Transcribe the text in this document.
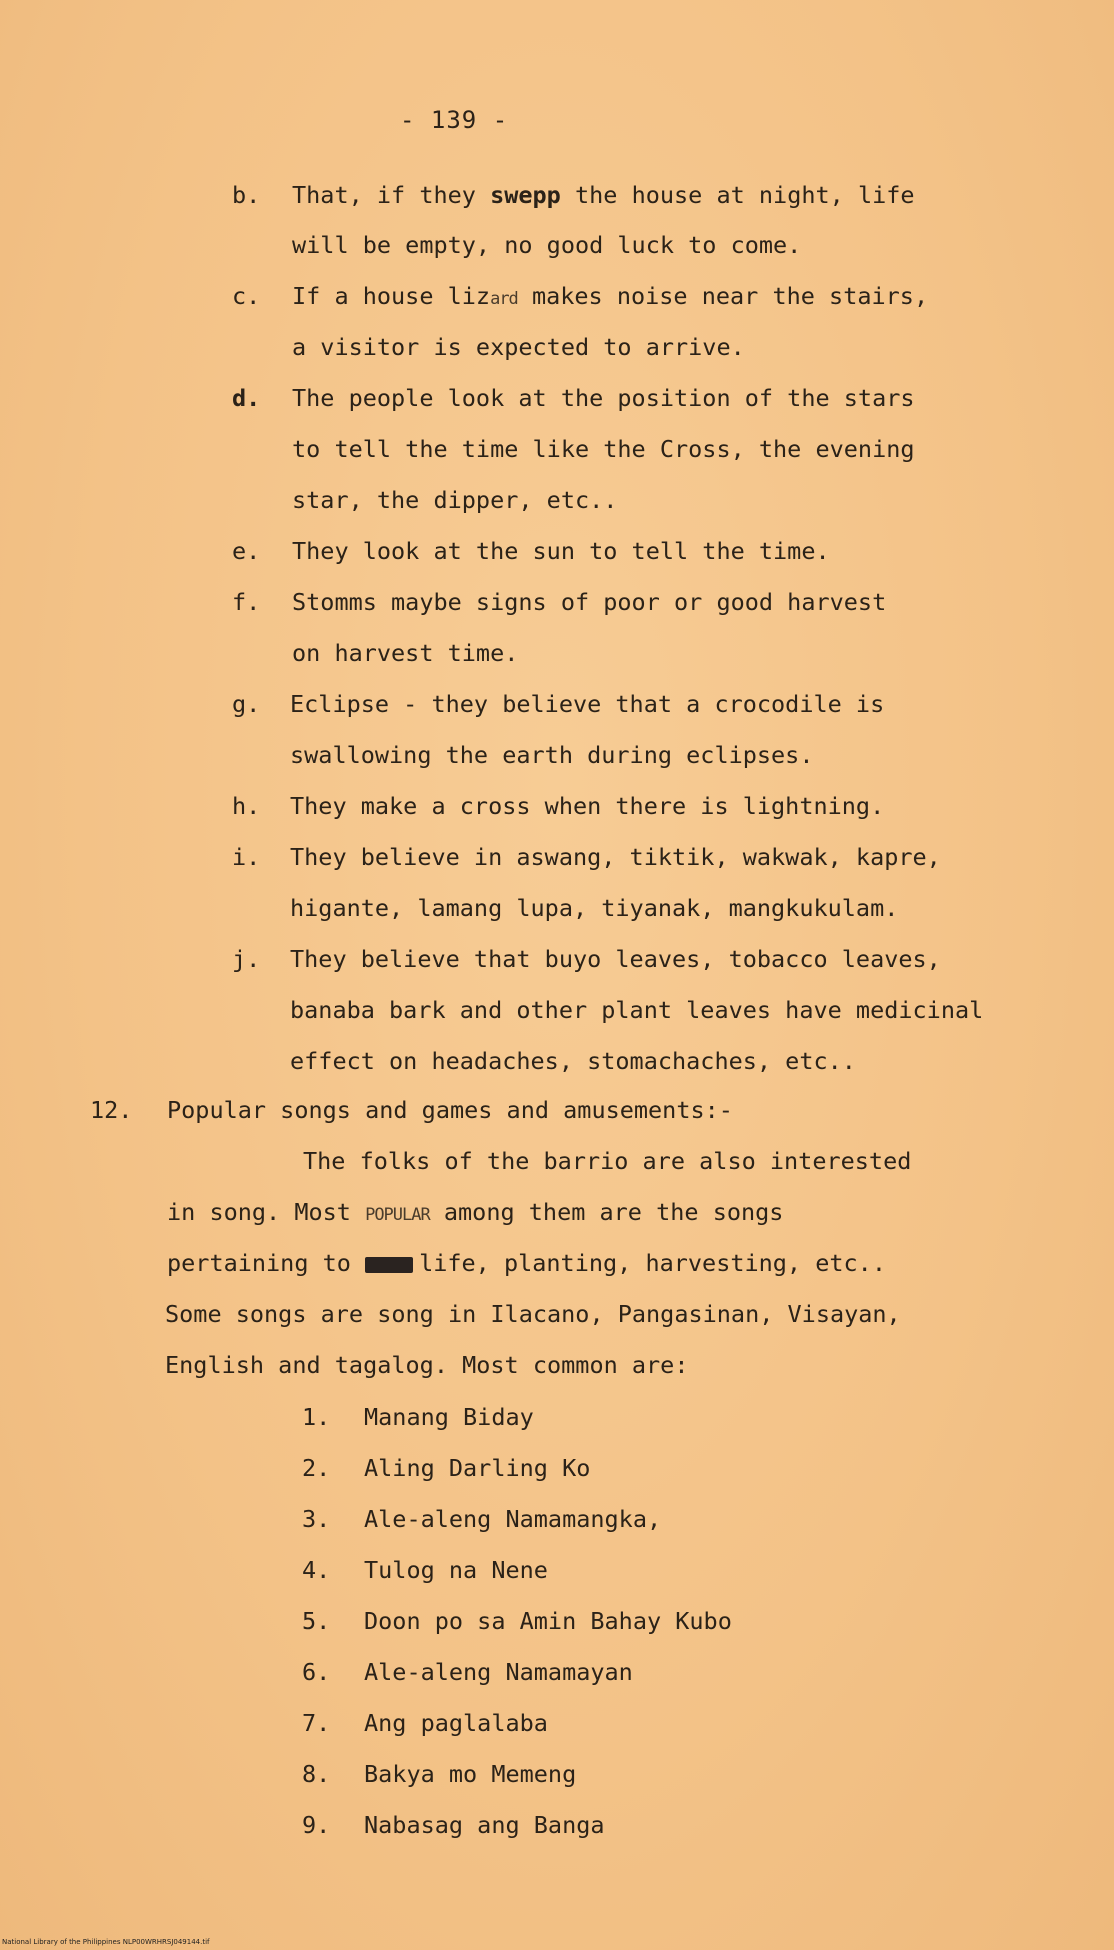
- 139 -
b. That, if they swepp the house at night, life
will be empty, no good luck to come.
c. If a house lizard makes noise near the stairs,
a visitor is expected to arrive.
d. The people look at the position of the stars
to tell the time like the Cross, the evening
star, the dipper, etc..
e. They look at the sun to tell the time.
f. Stomms maybe signs of poor or good harvest
on harvest time.
g. Eclipse - they believe that a crocodile is
swallowing the earth during eclipses.
h. They make a cross when there is lightning.
i. They believe in aswang, tiktik, wakwak, kapre,
higante, lamang lupa, tiyanak, mangkukulam.
j. They believe that buyo leaves, tobacco leaves,
banaba bark and other plant leaves have medicinal
effect on headaches, stomachaches, etc..
12. Popular songs and games and amusements:-
The folks of the barrio are also interested
in song. Most POPULAR among them are the songs
pertaining to life, planting, harvesting, etc..
Some songs are song in Ilacano, Pangasinan, Visayan,
English and tagalog. Most common are:
1. Manang Biday
2. Aling Darling Ko
3. Ale-aleng Namamangka,
4. Tulog na Nene
5. Doon po sa Amin Bahay Kubo
6. Ale-aleng Namamayan
7. Ang paglalaba
8. Bakya mo Memeng
9. Nabasag ang Banga
National Library of the Philippines NLP00WRHRSJ049144.tif
